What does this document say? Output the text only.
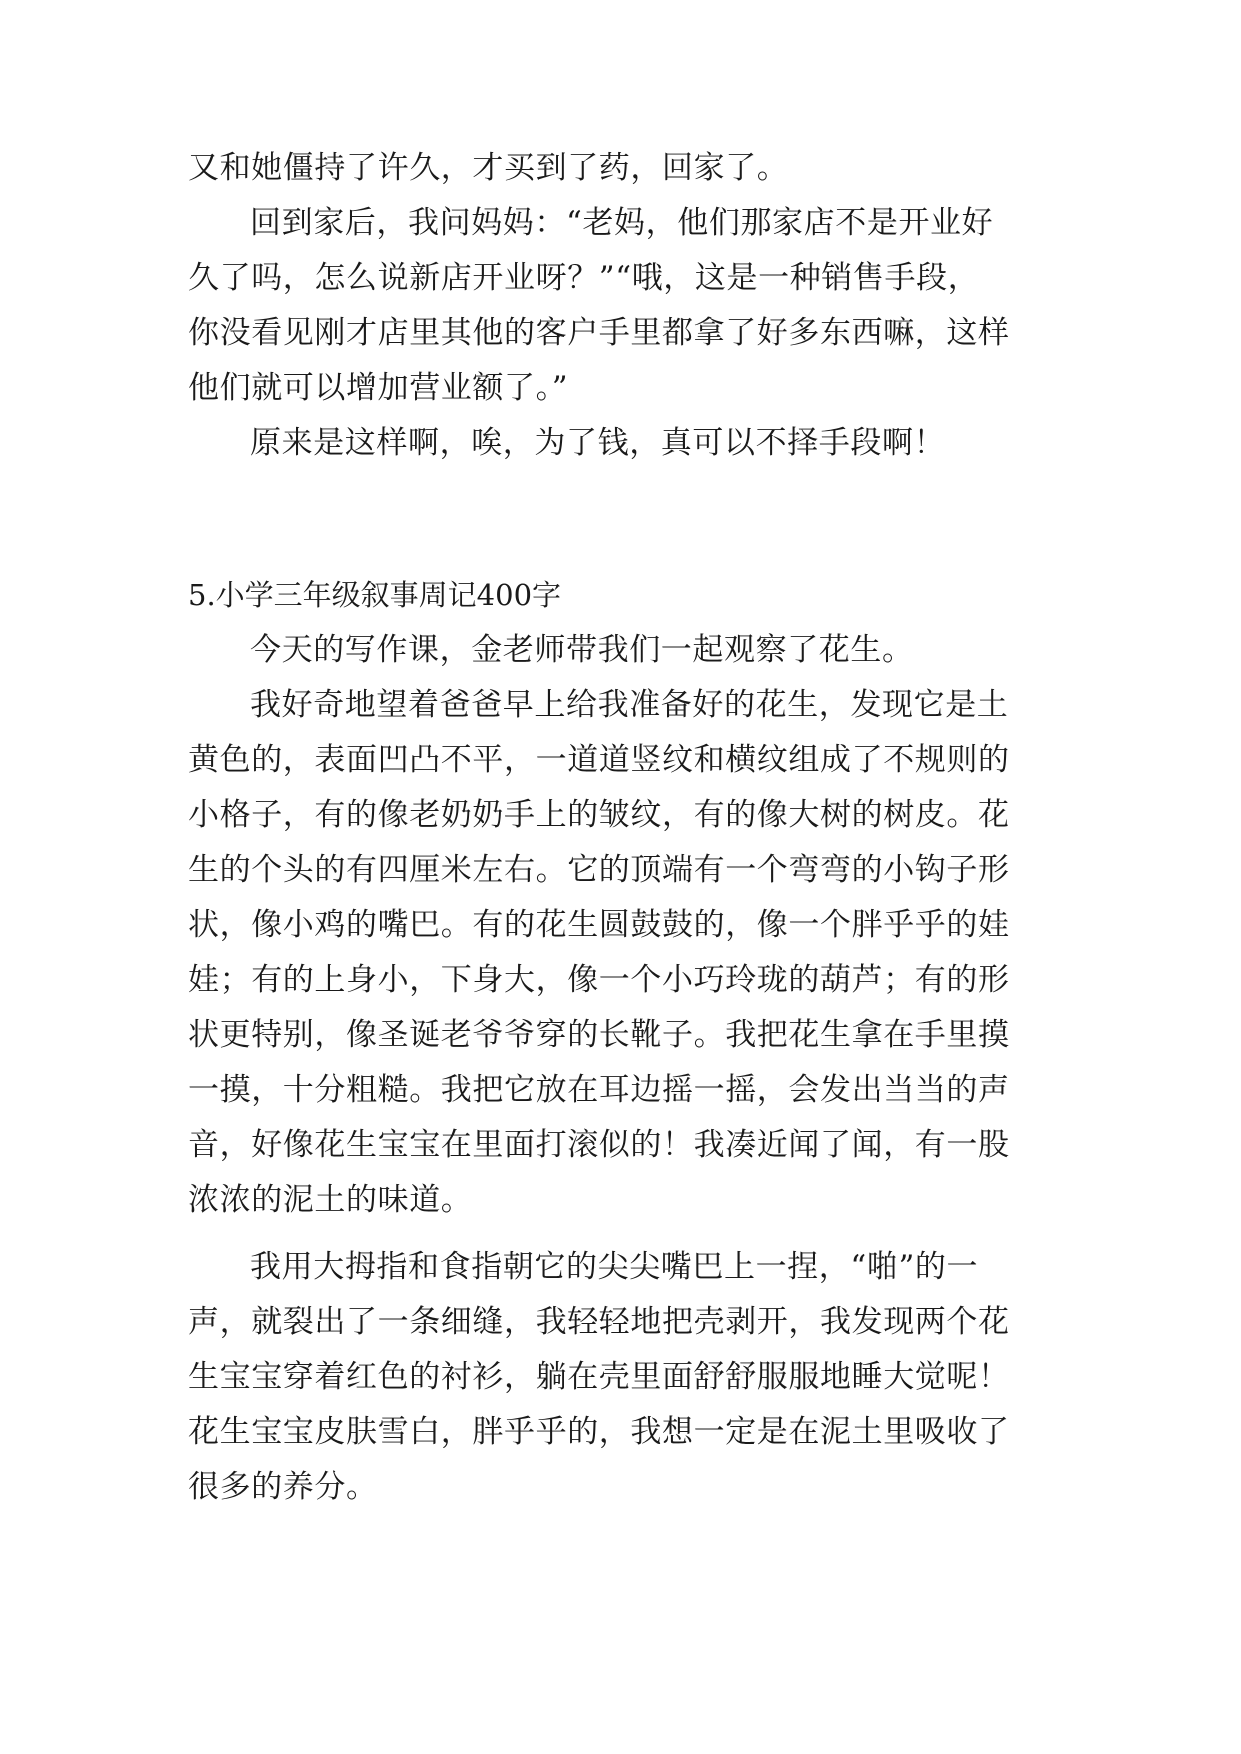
又和她僵持了许久，才买到了药，回家了。
回到家后，我问妈妈：“老妈，他们那家店不是开业好
久了吗，怎么说新店开业呀？”“哦，这是一种销售手段，
你没看见刚才店里其他的客户手里都拿了好多东西嘛，这样
他们就可以增加营业额了。”
原来是这样啊，唉，为了钱，真可以不择手段啊！
5.小学三年级叙事周记400字
今天的写作课，金老师带我们一起观察了花生。
我好奇地望着爸爸早上给我准备好的花生，发现它是土
黄色的，表面凹凸不平，一道道竖纹和横纹组成了不规则的
小格子，有的像老奶奶手上的皱纹，有的像大树的树皮。花
生的个头的有四厘米左右。它的顶端有一个弯弯的小钩子形
状，像小鸡的嘴巴。有的花生圆鼓鼓的，像一个胖乎乎的娃
娃；有的上身小，下身大，像一个小巧玲珑的葫芦；有的形
状更特别，像圣诞老爷爷穿的长靴子。我把花生拿在手里摸
一摸，十分粗糙。我把它放在耳边摇一摇，会发出当当的声
音，好像花生宝宝在里面打滚似的！我凑近闻了闻，有一股
浓浓的泥土的味道。
我用大拇指和食指朝它的尖尖嘴巴上一捏，“啪”的一
声，就裂出了一条细缝，我轻轻地把壳剥开，我发现两个花
生宝宝穿着红色的衬衫，躺在壳里面舒舒服服地睡大觉呢！
花生宝宝皮肤雪白，胖乎乎的，我想一定是在泥土里吸收了
很多的养分。
